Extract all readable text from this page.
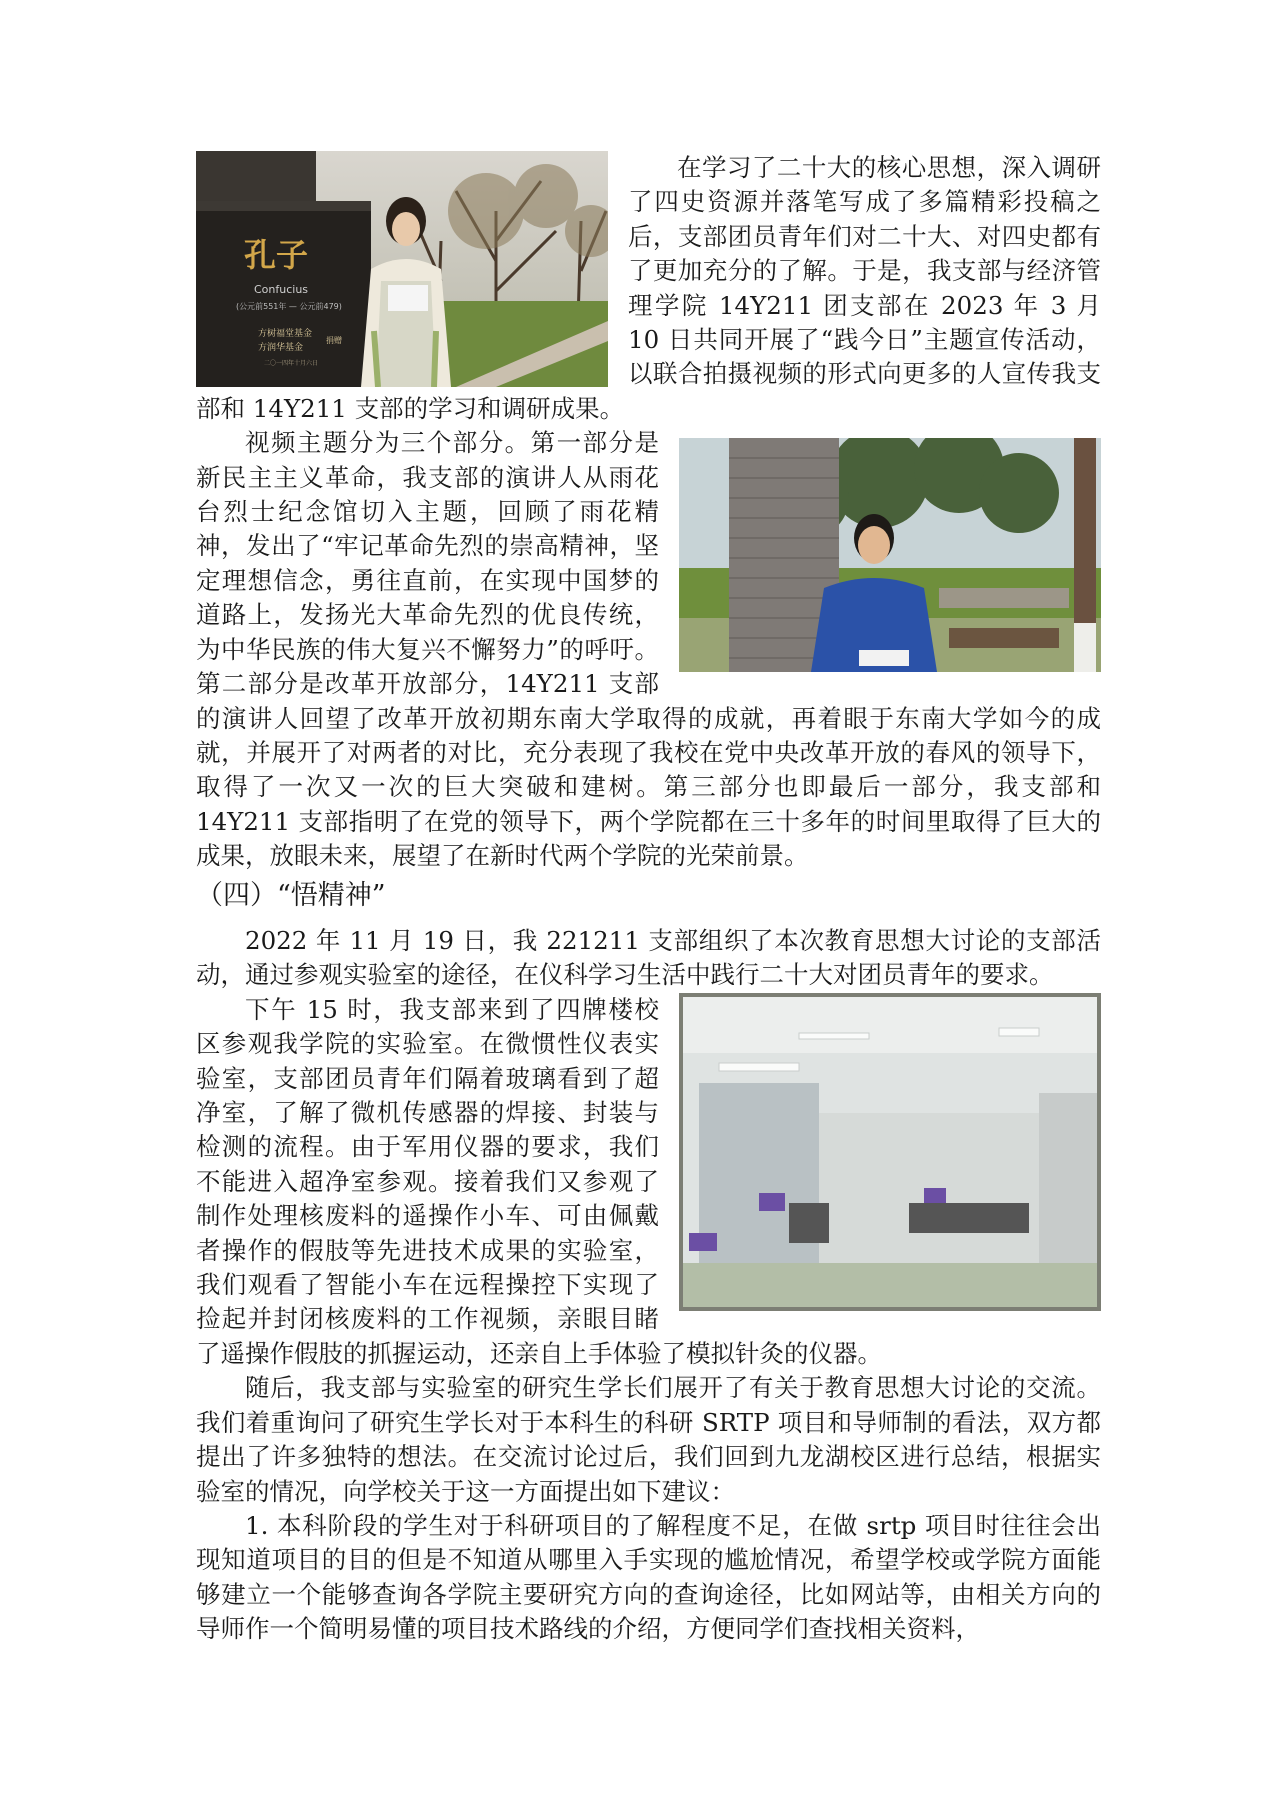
孔子
Confucius
(公元前551年 — 公元前479)
方树福堂基金
方润华基金
捐赠
二〇一四年十月六日

在学习了二十大的核心思想，深入调研了四史资源并落笔写成了多篇精彩投稿之后，支部团员青年们对二十大、对四史都有了更加充分的了解。于是，我支部与经济管理学院 14Y211 团支部在 2023 年 3 月 10 日共同开展了“践今日”主题宣传活动，以联合拍摄视频的形式向更多的人宣传我支部和 14Y211 支部的学习和调研成果。

视频主题分为三个部分。第一部分是新民主主义革命，我支部的演讲人从雨花台烈士纪念馆切入主题，回顾了雨花精神，发出了“牢记革命先烈的崇高精神，坚定理想信念，勇往直前，在实现中国梦的道路上，发扬光大革命先烈的优良传统，为中华民族的伟大复兴不懈努力”的呼吁。第二部分是改革开放部分，14Y211 支部的演讲人回望了改革开放初期东南大学取得的成就，再着眼于东南大学如今的成就，并展开了对两者的对比，充分表现了我校在党中央改革开放的春风的领导下，取得了一次又一次的巨大突破和建树。第三部分也即最后一部分，我支部和 14Y211 支部指明了在党的领导下，两个学院都在三十多年的时间里取得了巨大的成果，放眼未来，展望了在新时代两个学院的光荣前景。

（四）“悟精神”

2022 年 11 月 19 日，我 221211 支部组织了本次教育思想大讨论的支部活动，通过参观实验室的途径，在仪科学习生活中践行二十大对团员青年的要求。

下午 15 时，我支部来到了四牌楼校区参观我学院的实验室。在微惯性仪表实验室，支部团员青年们隔着玻璃看到了超净室，了解了微机传感器的焊接、封装与检测的流程。由于军用仪器的要求，我们不能进入超净室参观。接着我们又参观了制作处理核废料的遥操作小车、可由佩戴者操作的假肢等先进技术成果的实验室，我们观看了智能小车在远程操控下实现了捡起并封闭核废料的工作视频，亲眼目睹了遥操作假肢的抓握运动，还亲自上手体验了模拟针灸的仪器。

随后，我支部与实验室的研究生学长们展开了有关于教育思想大讨论的交流。我们着重询问了研究生学长对于本科生的科研 SRTP 项目和导师制的看法，双方都提出了许多独特的想法。在交流讨论过后，我们回到九龙湖校区进行总结，根据实验室的情况，向学校关于这一方面提出如下建议：

1. 本科阶段的学生对于科研项目的了解程度不足，在做 srtp 项目时往往会出现知道项目的目的但是不知道从哪里入手实现的尴尬情况，希望学校或学院方面能够建立一个能够查询各学院主要研究方向的查询途径，比如网站等，由相关方向的导师作一个简明易懂的项目技术路线的介绍，方便同学们查找相关资料，
